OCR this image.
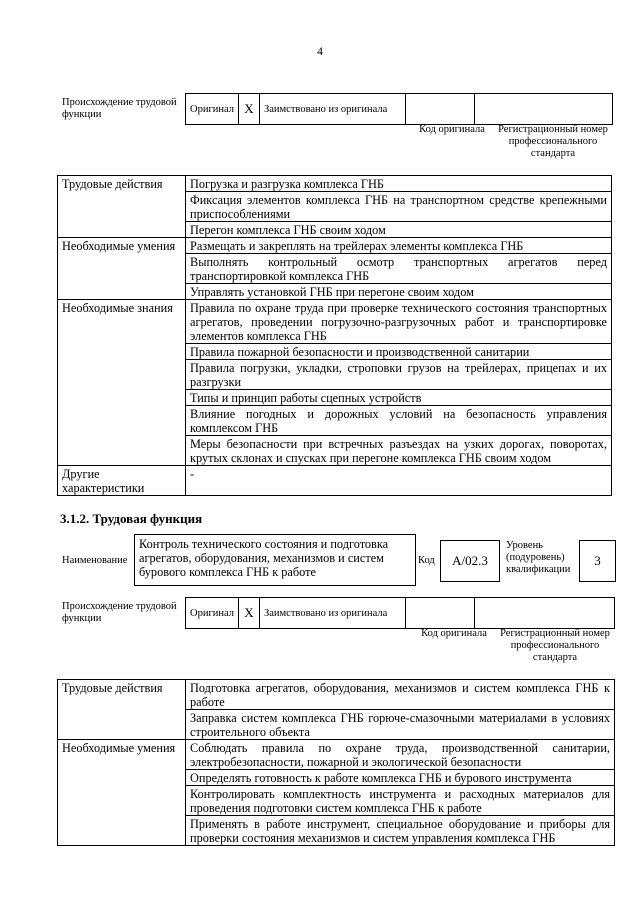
4
Происхождение трудовой функции	Оригинал	X	Заимствовано из оригинала		
Код оригинала	Регистрационный номер профессионального стандарта
Трудовые действия	Погрузка и разгрузка комплекса ГНБ
	Фиксация элементов комплекса ГНБ на транспортном средстве крепежными приспособлениями
	Перегон комплекса ГНБ своим ходом
Необходимые умения	Размещать и закреплять на трейлерах элементы комплекса ГНБ
	Выполнять контрольный осмотр транспортных агрегатов перед транспортировкой комплекса ГНБ
	Управлять установкой ГНБ при перегоне своим ходом
Необходимые знания	Правила по охране труда при проверке технического состояния транспортных агрегатов, проведении погрузочно-разгрузочных работ и транспортировке элементов комплекса ГНБ
	Правила пожарной безопасности и производственной санитарии
	Правила погрузки, укладки, строповки грузов на трейлерах, прицепах и их разгрузки
	Типы и принцип работы сцепных устройств
	Влияние погодных и дорожных условий на безопасность управления комплексом ГНБ
	Меры безопасности при встречных разъездах на узких дорогах, поворотах, крутых склонах и спусках при перегоне комплекса ГНБ своим ходом
Другие характеристики	-
3.1.2. Трудовая функция
Наименование
Контроль технического состояния и подготовка агрегатов, оборудования, механизмов и систем бурового комплекса ГНБ к работе
Код	A/02.3
Уровень (подуровень) квалификации
3
Происхождение трудовой функции	Оригинал	X	Заимствовано из оригинала		
Код оригинала	Регистрационный номер профессионального стандарта
Трудовые действия	Подготовка агрегатов, оборудования, механизмов и систем комплекса ГНБ к работе
	Заправка систем комплекса ГНБ горюче-смазочными материалами в условиях строительного объекта
Необходимые умения	Соблюдать правила по охране труда, производственной санитарии, электробезопасности, пожарной и экологической безопасности
	Определять готовность к работе комплекса ГНБ и бурового инструмента
	Контролировать комплектность инструмента и расходных материалов для проведения подготовки систем комплекса ГНБ к работе
	Применять в работе инструмент, специальное оборудование и приборы для проверки состояния механизмов и систем управления комплекса ГНБ
